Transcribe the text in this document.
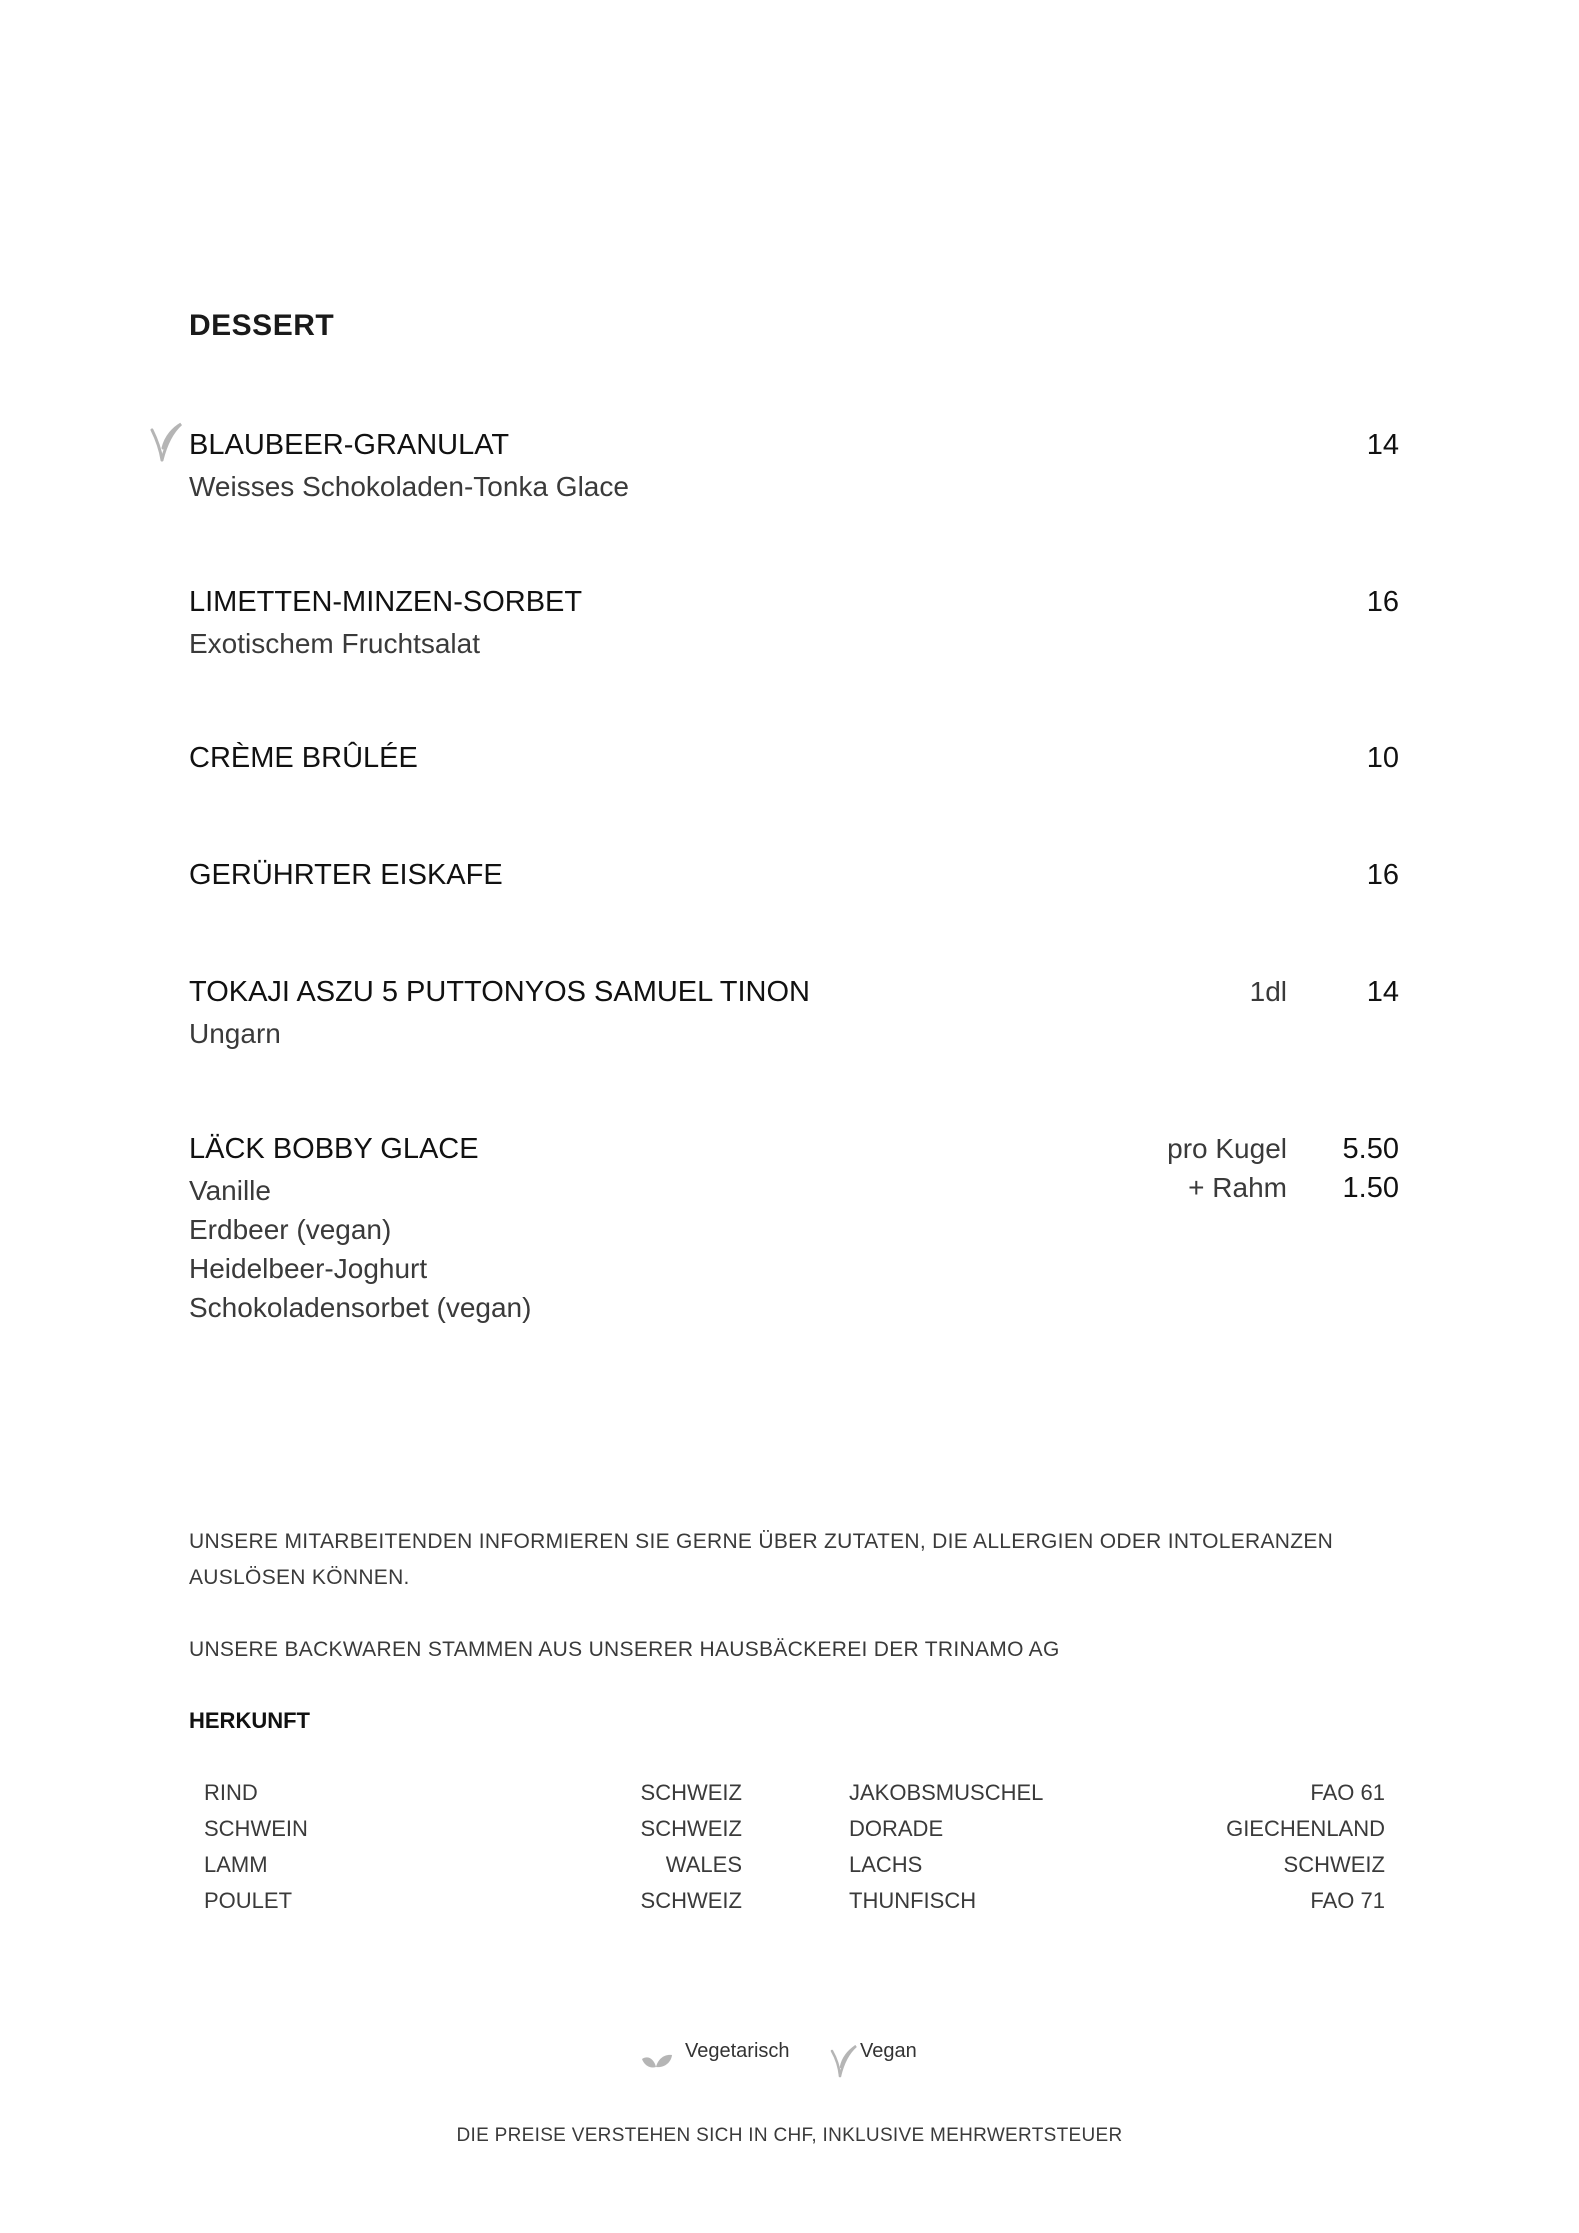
DESSERT
BLAUBEER-GRANULAT	14
Weisses Schokoladen-Tonka Glace
LIMETTEN-MINZEN-SORBET	16
Exotischem Fruchtsalat
CRÈME BRÛLÉE	10
GERÜHRTER EISKAFE	16
TOKAJI ASZU 5 PUTTONYOS SAMUEL TINON	1dl	14
Ungarn
LÄCK BOBBY GLACE	pro Kugel 5.50
+ Rahm 1.50
Vanille
Erdbeer (vegan)
Heidelbeer-Joghurt
Schokoladensorbet (vegan)
UNSERE MITARBEITENDEN INFORMIEREN SIE GERNE ÜBER ZUTATEN, DIE ALLERGIEN ODER INTOLERANZEN
AUSLÖSEN KÖNNEN.
UNSERE BACKWAREN STAMMEN AUS UNSERER HAUSBÄCKEREI DER TRINAMO AG
HERKUNFT
RIND	SCHWEIZ	JAKOBSMUSCHEL	FAO 61
SCHWEIN	SCHWEIZ	DORADE	GIECHENLAND
LAMM	WALES	LACHS	SCHWEIZ
POULET	SCHWEIZ	THUNFISCH	FAO 71
Vegetarisch	Vegan
DIE PREISE VERSTEHEN SICH IN CHF, INKLUSIVE MEHRWERTSTEUER
